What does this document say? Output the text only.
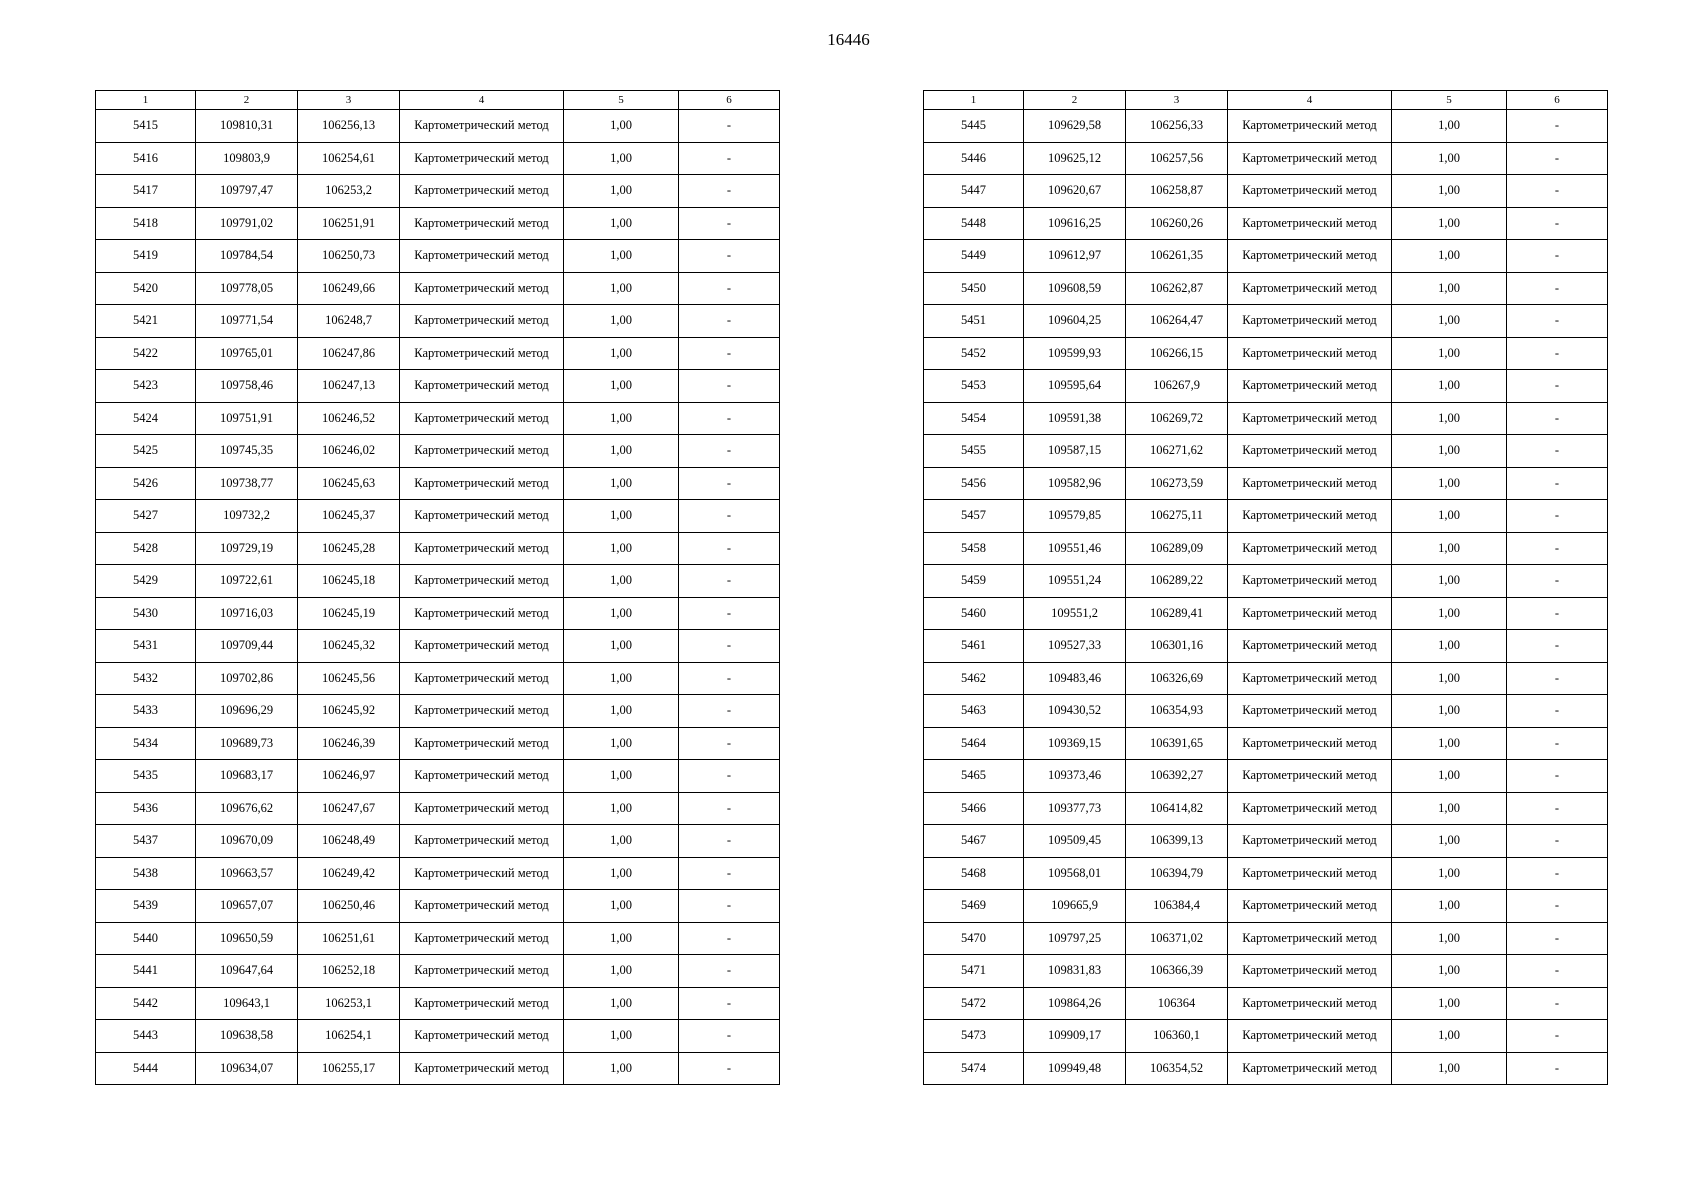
16446
1	2	3	4	5	6
5415	109810,31	106256,13	Картометрический метод	1,00	-
5416	109803,9	106254,61	Картометрический метод	1,00	-
5417	109797,47	106253,2	Картометрический метод	1,00	-
5418	109791,02	106251,91	Картометрический метод	1,00	-
5419	109784,54	106250,73	Картометрический метод	1,00	-
5420	109778,05	106249,66	Картометрический метод	1,00	-
5421	109771,54	106248,7	Картометрический метод	1,00	-
5422	109765,01	106247,86	Картометрический метод	1,00	-
5423	109758,46	106247,13	Картометрический метод	1,00	-
5424	109751,91	106246,52	Картометрический метод	1,00	-
5425	109745,35	106246,02	Картометрический метод	1,00	-
5426	109738,77	106245,63	Картометрический метод	1,00	-
5427	109732,2	106245,37	Картометрический метод	1,00	-
5428	109729,19	106245,28	Картометрический метод	1,00	-
5429	109722,61	106245,18	Картометрический метод	1,00	-
5430	109716,03	106245,19	Картометрический метод	1,00	-
5431	109709,44	106245,32	Картометрический метод	1,00	-
5432	109702,86	106245,56	Картометрический метод	1,00	-
5433	109696,29	106245,92	Картометрический метод	1,00	-
5434	109689,73	106246,39	Картометрический метод	1,00	-
5435	109683,17	106246,97	Картометрический метод	1,00	-
5436	109676,62	106247,67	Картометрический метод	1,00	-
5437	109670,09	106248,49	Картометрический метод	1,00	-
5438	109663,57	106249,42	Картометрический метод	1,00	-
5439	109657,07	106250,46	Картометрический метод	1,00	-
5440	109650,59	106251,61	Картометрический метод	1,00	-
5441	109647,64	106252,18	Картометрический метод	1,00	-
5442	109643,1	106253,1	Картометрический метод	1,00	-
5443	109638,58	106254,1	Картометрический метод	1,00	-
5444	109634,07	106255,17	Картометрический метод	1,00	-
1	2	3	4	5	6
5445	109629,58	106256,33	Картометрический метод	1,00	-
5446	109625,12	106257,56	Картометрический метод	1,00	-
5447	109620,67	106258,87	Картометрический метод	1,00	-
5448	109616,25	106260,26	Картометрический метод	1,00	-
5449	109612,97	106261,35	Картометрический метод	1,00	-
5450	109608,59	106262,87	Картометрический метод	1,00	-
5451	109604,25	106264,47	Картометрический метод	1,00	-
5452	109599,93	106266,15	Картометрический метод	1,00	-
5453	109595,64	106267,9	Картометрический метод	1,00	-
5454	109591,38	106269,72	Картометрический метод	1,00	-
5455	109587,15	106271,62	Картометрический метод	1,00	-
5456	109582,96	106273,59	Картометрический метод	1,00	-
5457	109579,85	106275,11	Картометрический метод	1,00	-
5458	109551,46	106289,09	Картометрический метод	1,00	-
5459	109551,24	106289,22	Картометрический метод	1,00	-
5460	109551,2	106289,41	Картометрический метод	1,00	-
5461	109527,33	106301,16	Картометрический метод	1,00	-
5462	109483,46	106326,69	Картометрический метод	1,00	-
5463	109430,52	106354,93	Картометрический метод	1,00	-
5464	109369,15	106391,65	Картометрический метод	1,00	-
5465	109373,46	106392,27	Картометрический метод	1,00	-
5466	109377,73	106414,82	Картометрический метод	1,00	-
5467	109509,45	106399,13	Картометрический метод	1,00	-
5468	109568,01	106394,79	Картометрический метод	1,00	-
5469	109665,9	106384,4	Картометрический метод	1,00	-
5470	109797,25	106371,02	Картометрический метод	1,00	-
5471	109831,83	106366,39	Картометрический метод	1,00	-
5472	109864,26	106364	Картометрический метод	1,00	-
5473	109909,17	106360,1	Картометрический метод	1,00	-
5474	109949,48	106354,52	Картометрический метод	1,00	-
